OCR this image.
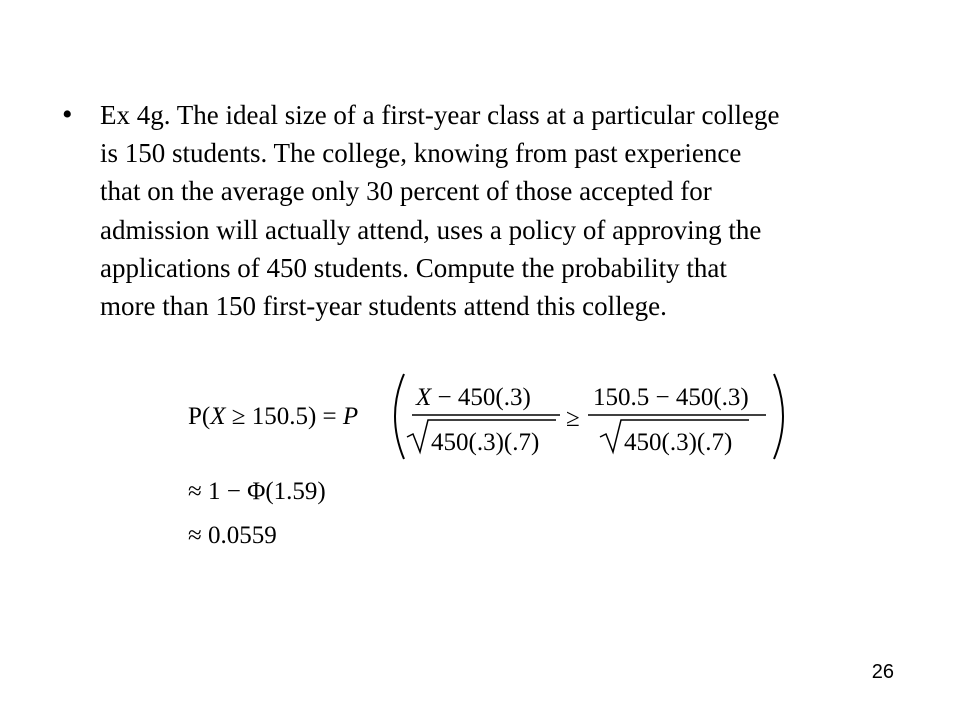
•	Ex 4g. The ideal size of a first-year class at a particular college
is 150 students. The college, knowing from past experience
that on the average only 30 percent of those accepted for
admission will actually attend, uses a policy of approving the
applications of 450 students. Compute the probability that
more than 150 first-year students attend this college.
P(X ≥ 150.5) = P
X − 450(.3)
450(.3)(.7)
≥
150.5 − 450(.3)
450(.3)(.7)
≈ 1 − Φ(1.59)
≈ 0.0559
26
